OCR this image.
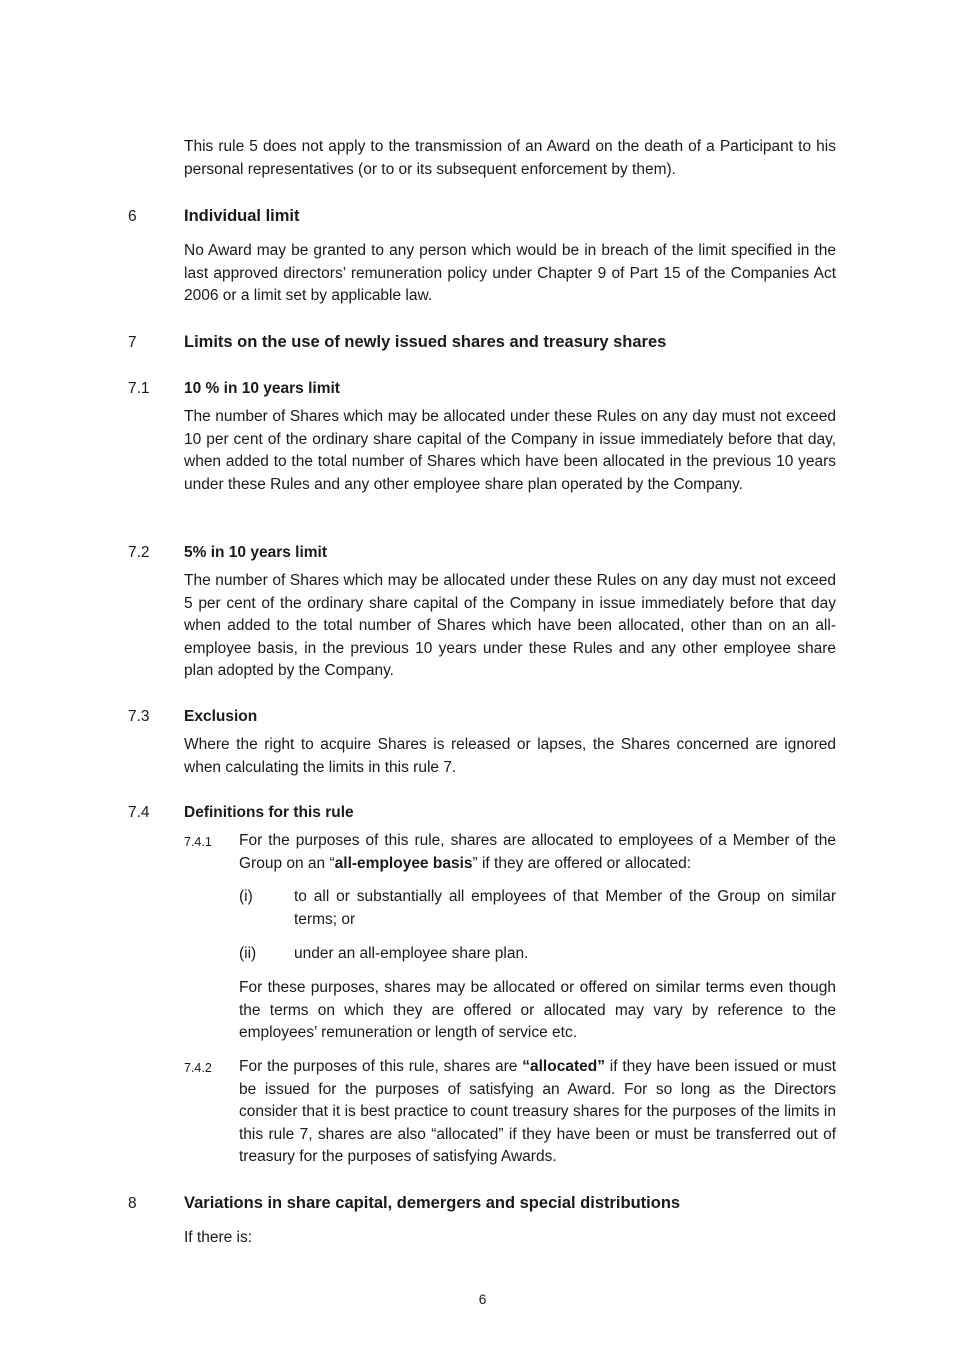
This rule 5 does not apply to the transmission of an Award on the death of a Participant to his personal representatives (or to or its subsequent enforcement by them).

6	Individual limit

No Award may be granted to any person which would be in breach of the limit specified in the last approved directors’ remuneration policy under Chapter 9 of Part 15 of the Companies Act 2006 or a limit set by applicable law.

7	Limits on the use of newly issued shares and treasury shares
7.1 10 % in 10 years limit

The number of Shares which may be allocated under these Rules on any day must not exceed 10 per cent of the ordinary share capital of the Company in issue immediately before that day, when added to the total number of Shares which have been allocated in the previous 10 years under these Rules and any other employee share plan operated by the Company.

7.2 5% in 10 years limit

The number of Shares which may be allocated under these Rules on any day must not exceed 5 per cent of the ordinary share capital of the Company in issue immediately before that day when added to the total number of Shares which have been allocated, other than on an all-employee basis, in the previous 10 years under these Rules and any other employee share plan adopted by the Company.

7.3 Exclusion

Where the right to acquire Shares is released or lapses, the Shares concerned are ignored when calculating the limits in this rule 7.

7.4 Definitions for this rule
7.4.1 For the purposes of this rule, shares are allocated to employees of a Member of the Group on an “all-employee basis” if they are offered or allocated:

(i)	to all or substantially all employees of that Member of the Group on similar terms; or

(ii) under an all-employee share plan.

For these purposes, shares may be allocated or offered on similar terms even though the terms on which they are offered or allocated may vary by reference to the employees’ remuneration or length of service etc.

7.4.2 For the purposes of this rule, shares are “allocated” if they have been issued or must be issued for the purposes of satisfying an Award. For so long as the Directors consider that it is best practice to count treasury shares for the purposes of the limits in this rule 7, shares are also “allocated” if they have been or must be transferred out of treasury for the purposes of satisfying Awards.

8	Variations in share capital, demergers and special distributions

If there is:

6
